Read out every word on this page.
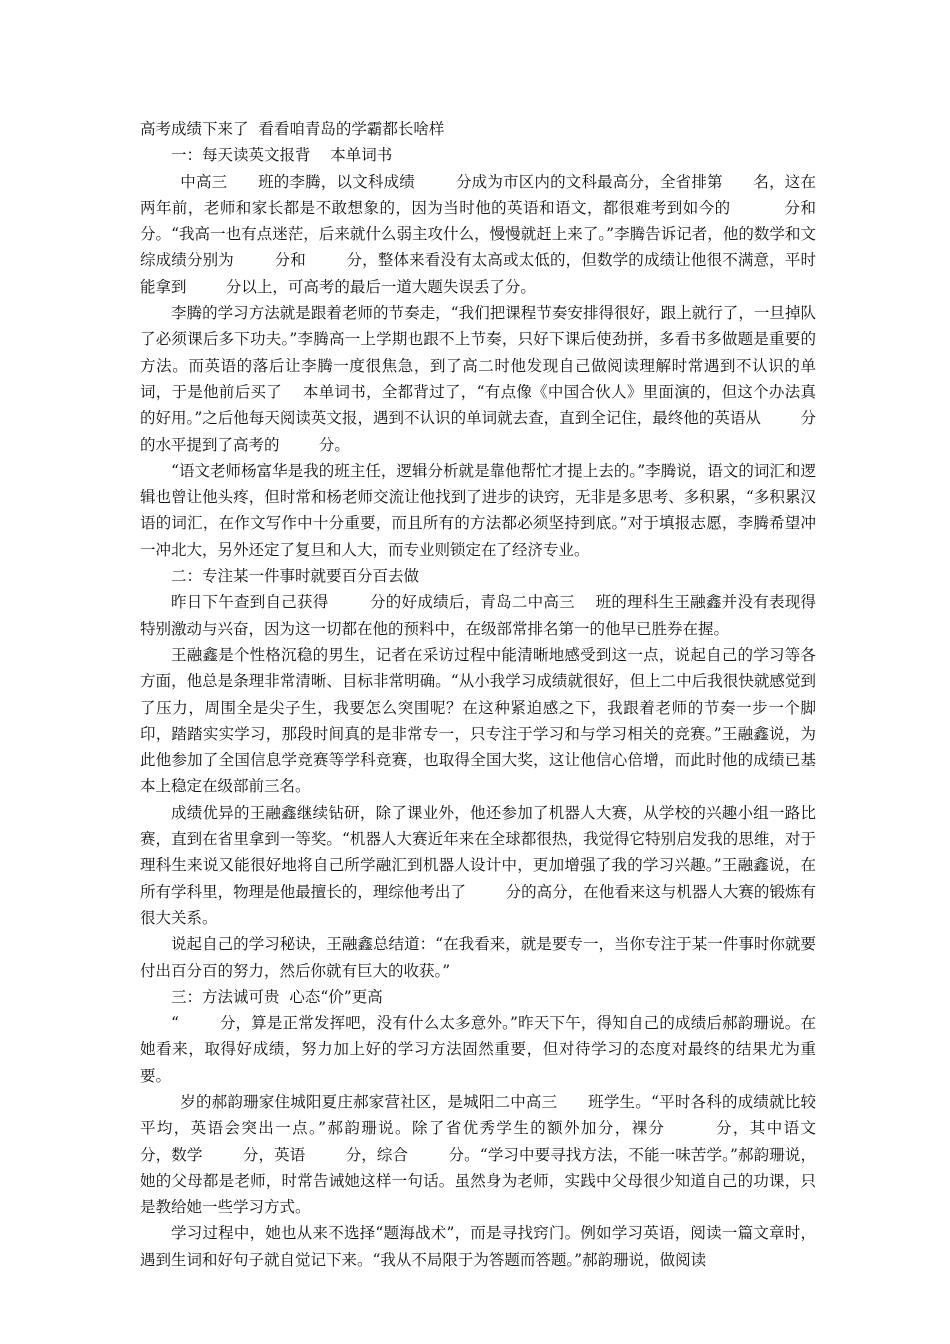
高考成绩下来了  看看咱青岛的学霸都长啥样

一：每天读英文报背    本单词书

中高三      班的李腾，以文科成绩        分成为市区内的文科最高分，全省排第      名，这在两年前，老师和家长都是不敢想象的，因为当时他的英语和语文，都很难考到如今的          分和        分。“我高一也有点迷茫，后来就什么弱主攻什么，慢慢就赶上来了。”李腾告诉记者，他的数学和文综成绩分别为        分和        分，整体来看没有太高或太低的，但数学的成绩让他很不满意，平时能拿到        分以上，可高考的最后一道大题失误丢了分。

李腾的学习方法就是跟着老师的节奏走，“我们把课程节奏安排得很好，跟上就行了，一旦掉队了必须课后多下功夫。”李腾高一上学期也跟不上节奏，只好下课后使劲拼，多看书多做题是重要的方法。而英语的落后让李腾一度很焦急，到了高二时他发现自己做阅读理解时常遇到不认识的单词，于是他前后买了    本单词书，全都背过了，“有点像《中国合伙人》里面演的，但这个办法真的好用。”之后他每天阅读英文报，遇到不认识的单词就去查，直到全记住，最终他的英语从        分的水平提到了高考的        分。

“语文老师杨富华是我的班主任，逻辑分析就是靠他帮忙才提上去的。”李腾说，语文的词汇和逻辑也曾让他头疼，但时常和杨老师交流让他找到了进步的诀窍，无非是多思考、多积累，“多积累汉语的词汇，在作文写作中十分重要，而且所有的方法都必须坚持到底。”对于填报志愿，李腾希望冲一冲北大，另外还定了复旦和人大，而专业则锁定在了经济专业。

二：专注某一件事时就要百分百去做

昨日下午查到自己获得        分的好成绩后，青岛二中高三    班的理科生王融鑫并没有表现得特别激动与兴奋，因为这一切都在他的预料中，在级部常排名第一的他早已胜券在握。

王融鑫是个性格沉稳的男生，记者在采访过程中能清晰地感受到这一点，说起自己的学习等各方面，他总是条理非常清晰、目标非常明确。“从小我学习成绩就很好，但上二中后我很快就感觉到了压力，周围全是尖子生，我要怎么突围呢？在这种紧迫感之下，我跟着老师的节奏一步一个脚印，踏踏实实学习，那段时间真的是非常专一，只专注于学习和与学习相关的竞赛。”王融鑫说，为此他参加了全国信息学竞赛等学科竞赛，也取得全国大奖，这让他信心倍增，而此时他的成绩已基本上稳定在级部前三名。

成绩优异的王融鑫继续钻研，除了课业外，他还参加了机器人大赛，从学校的兴趣小组一路比赛，直到在省里拿到一等奖。“机器人大赛近年来在全球都很热，我觉得它特别启发我的思维，对于理科生来说又能很好地将自己所学融汇到机器人设计中，更加增强了我的学习兴趣。”王融鑫说，在所有学科里，物理是他最擅长的，理综他考出了        分的高分，在他看来这与机器人大赛的锻炼有很大关系。

说起自己的学习秘诀，王融鑫总结道：“在我看来，就是要专一，当你专注于某一件事时你就要付出百分百的努力，然后你就有巨大的收获。”

三：方法诚可贵  心态“价”更高

“        分，算是正常发挥吧，没有什么太多意外。”昨天下午，得知自己的成绩后郝韵珊说。在她看来，取得好成绩，努力加上好的学习方法固然重要，但对待学习的态度对最终的结果尤为重要。

岁的郝韵珊家住城阳夏庄郝家营社区，是城阳二中高三      班学生。“平时各科的成绩就比较平均，英语会突出一点。”郝韵珊说。除了省优秀学生的额外加分，裸分        分，其中语文        分，数学        分，英语        分，综合        分。“学习中要寻找方法，不能一味苦学。”郝韵珊说，她的父母都是老师，时常告诫她这样一句话。虽然身为老师，实践中父母很少知道自己的功课，只是教给她一些学习方式。

学习过程中，她也从来不选择“题海战术”，而是寻找窍门。例如学习英语，阅读一篇文章时，遇到生词和好句子就自觉记下来。“我从不局限于为答题而答题。”郝韵珊说，做阅读
